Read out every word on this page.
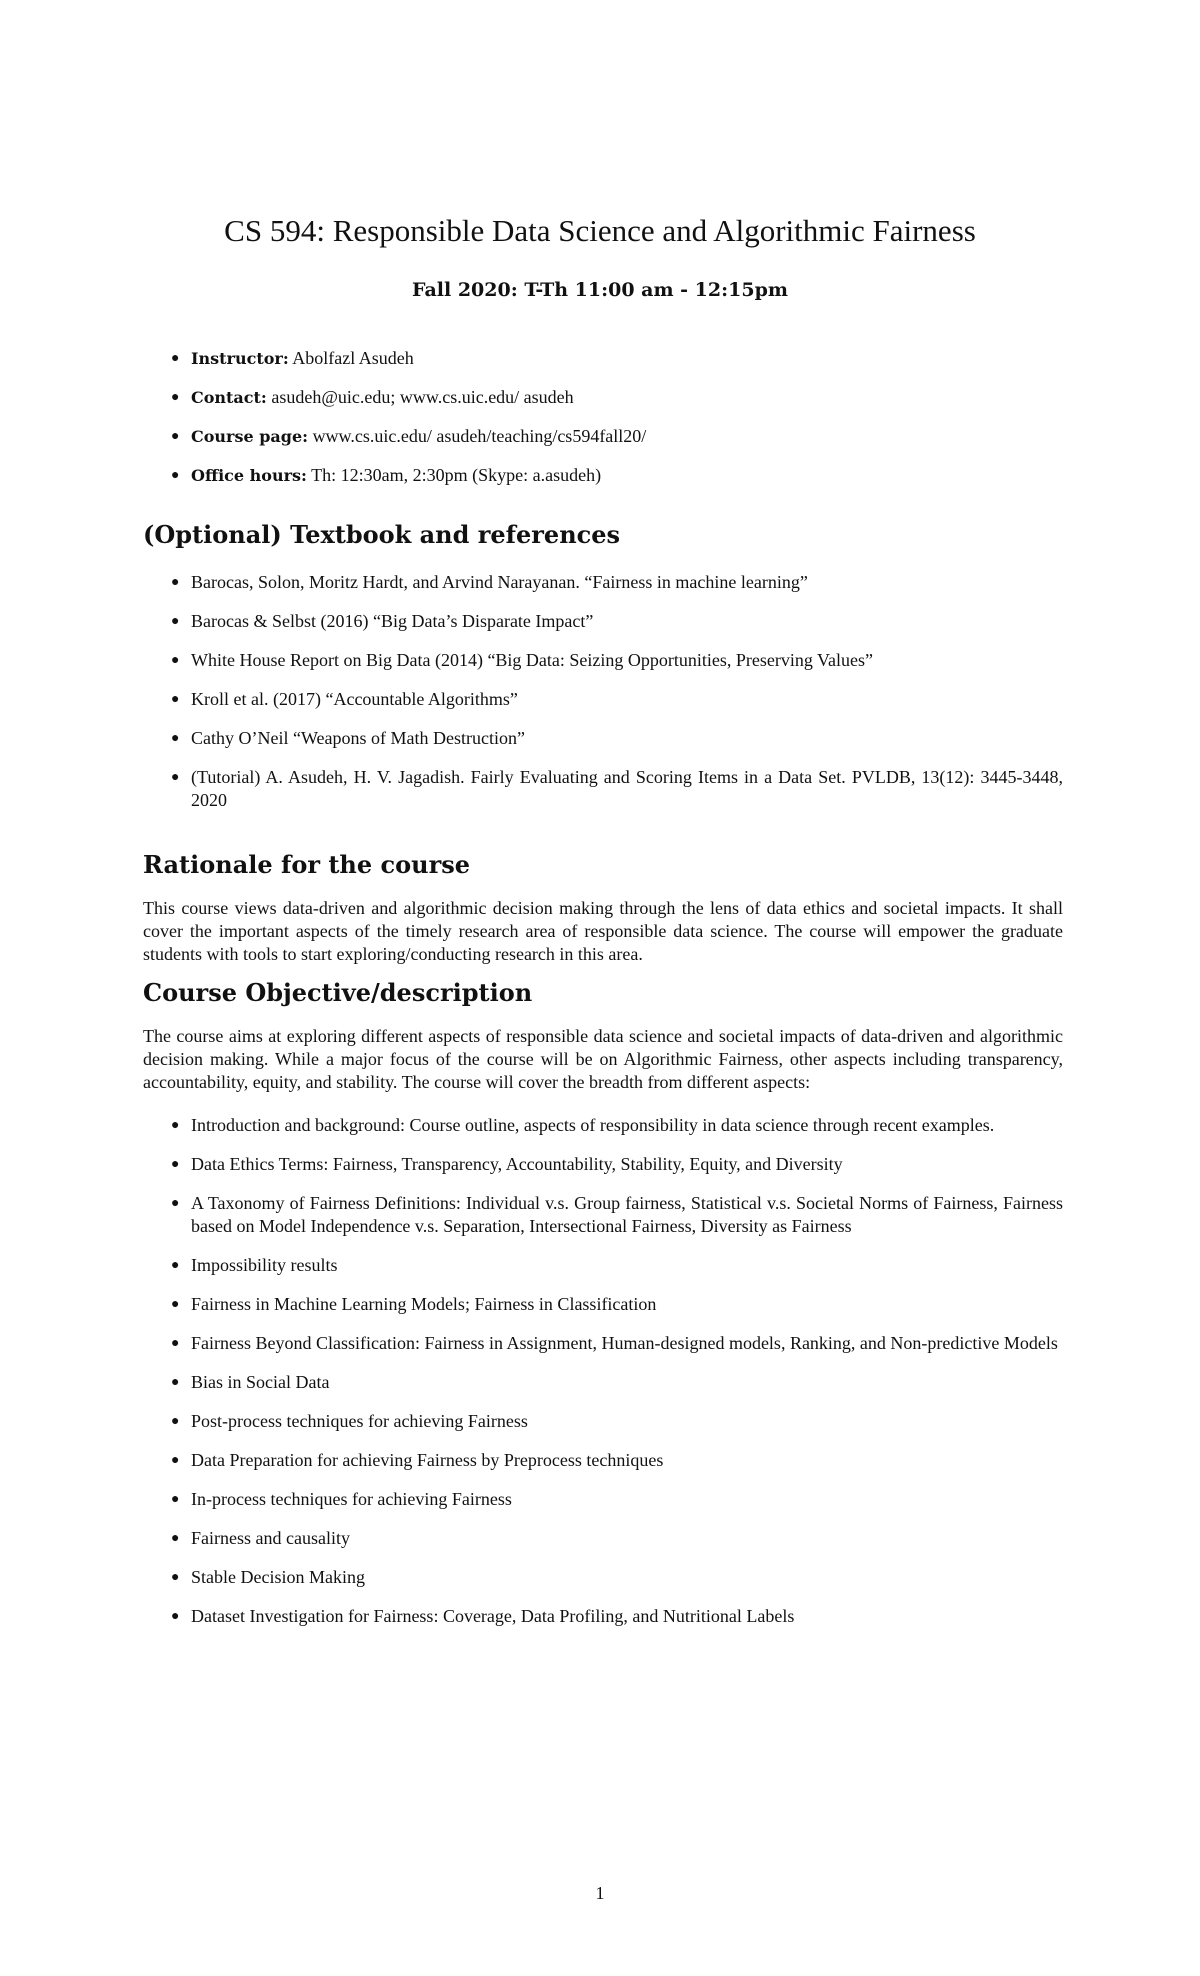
CS 594: Responsible Data Science and Algorithmic Fairness
Fall 2020: T-Th 11:00 am - 12:15pm
● Instructor: Abolfazl Asudeh
● Contact: asudeh@uic.edu; www.cs.uic.edu/ asudeh
● Course page: www.cs.uic.edu/ asudeh/teaching/cs594fall20/
● Office hours: Th: 12:30am, 2:30pm (Skype: a.asudeh)
(Optional) Textbook and references
● Barocas, Solon, Moritz Hardt, and Arvind Narayanan. “Fairness in machine learning”
● Barocas & Selbst (2016) “Big Data’s Disparate Impact”
● White House Report on Big Data (2014) “Big Data: Seizing Opportunities, Preserving Values”
● Kroll et al. (2017) “Accountable Algorithms”
● Cathy O’Neil “Weapons of Math Destruction”
● (Tutorial) A. Asudeh, H. V. Jagadish. Fairly Evaluating and Scoring Items in a Data Set. PVLDB, 13(12): 3445-3448, 2020
Rationale for the course

This course views data-driven and algorithmic decision making through the lens of data ethics and societal impacts. It shall cover the important aspects of the timely research area of responsible data science. The course will empower the graduate students with tools to start exploring/conducting research in this area.

Course Objective/description

The course aims at exploring different aspects of responsible data science and societal impacts of data-driven and algorithmic decision making. While a major focus of the course will be on Algorithmic Fairness, other aspects including transparency, accountability, equity, and stability. The course will cover the breadth from different aspects:

● Introduction and background: Course outline, aspects of responsibility in data science through recent examples.
● Data Ethics Terms: Fairness, Transparency, Accountability, Stability, Equity, and Diversity
● A Taxonomy of Fairness Definitions: Individual v.s. Group fairness, Statistical v.s. Societal Norms of Fairness, Fairness based on Model Independence v.s. Separation, Intersectional Fairness, Diversity as Fairness
● Impossibility results
● Fairness in Machine Learning Models; Fairness in Classification
● Fairness Beyond Classification: Fairness in Assignment, Human-designed models, Ranking, and Non-predictive Models
● Bias in Social Data
● Post-process techniques for achieving Fairness
● Data Preparation for achieving Fairness by Preprocess techniques
● In-process techniques for achieving Fairness
● Fairness and causality
● Stable Decision Making
● Dataset Investigation for Fairness: Coverage, Data Profiling, and Nutritional Labels
1
